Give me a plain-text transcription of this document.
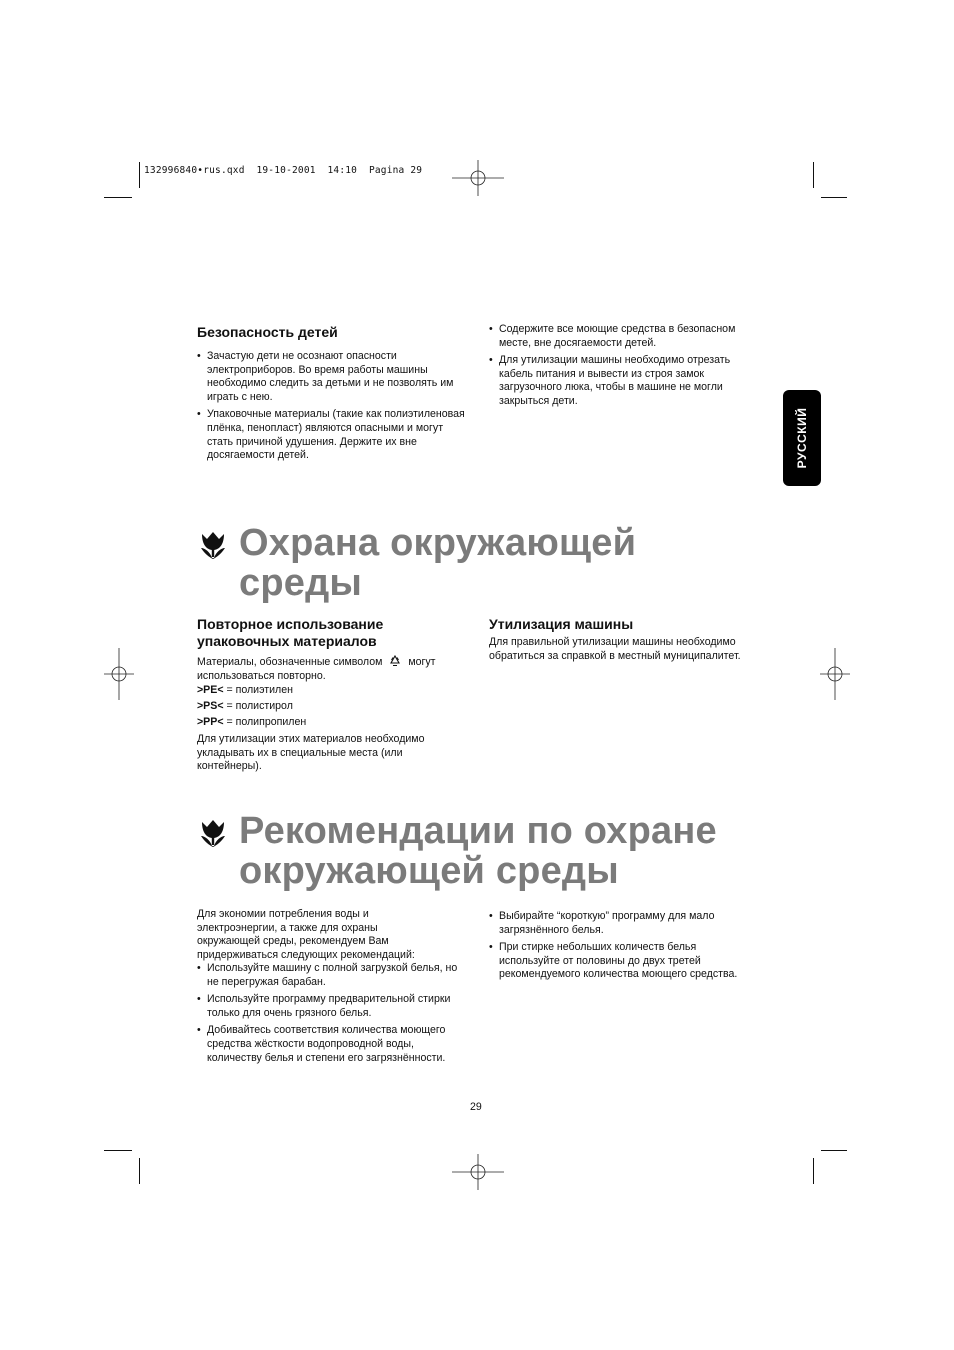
132996840•rus.qxd  19-10-2001  14:10  Pagina 29
РУССКИЙ
Безопасность детей
• Зачастую дети не осознают опасности электроприборов. Во время работы машины необходимо следить за детьми и не позволять им играть с нею.
• Упаковочные материалы (такие как полиэтиленовая плёнка, пенопласт) являются опасными и могут стать причиной удушения. Держите их вне досягаемости детей.
• Содержите все моющие средства в безопасном месте, вне досягаемости детей.
• Для утилизации машины необходимо отрезать кабель питания и вывести из строя замок загрузочного люка, чтобы в машине не могли закрыться дети.
Охрана окружающей
среды
Повторное использование
упаковочных материалов
Материалы, обозначенные символом могут использоваться повторно.
>PE< = полиэтилен
>PS< = полистирол
>PP< = полипропилен
Для утилизации этих материалов необходимо укладывать их в специальные места (или контейнеры).
Утилизация машины
Для правильной утилизации машины необходимо обратиться за справкой в местный муниципалитет.
Рекомендации по охране
окружающей среды
Для экономии потребления воды и электроэнергии, а также для охраны окружающей среды, рекомендуем Вам придерживаться следующих рекомендаций:
• Используйте машину с полной загрузкой белья, но не перегружая барабан.
• Используйте программу предварительной стирки только для очень грязного белья.
• Добивайтесь соответствия количества моющего средства жёсткости водопроводной воды, количеству белья и степени его загрязнённости.
• Выбирайте “короткую” программу для мало загрязнённого белья.
• При стирке небольших количеств белья используйте от половины до двух третей рекомендуемого количества моющего средства.
29
